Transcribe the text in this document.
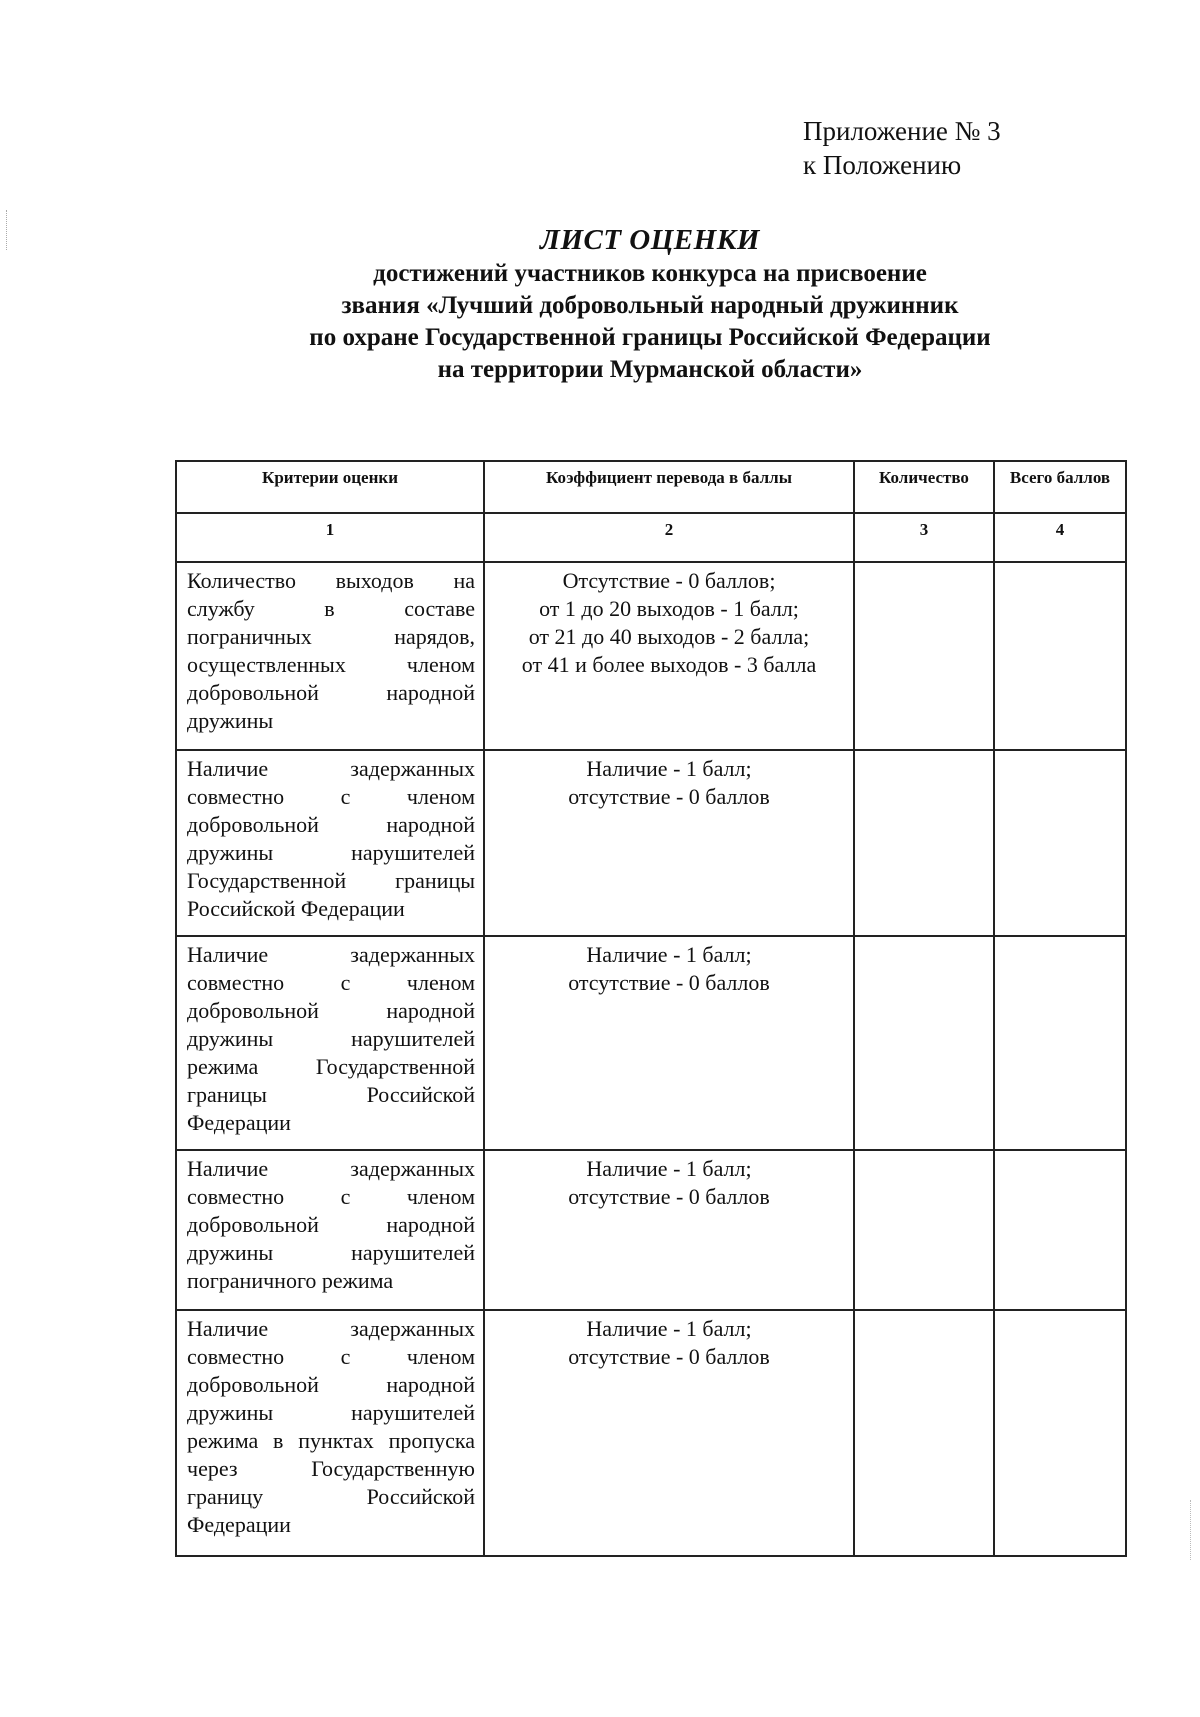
Приложение № 3
к Положению
ЛИСТ ОЦЕНКИ
достижений участников конкурса на присвоение
звания «Лучший добровольный народный дружинник
по охране Государственной границы Российской Федерации
на территории Мурманской области»
Критерии оценки	Коэффициент перевода в баллы	Количество	Всего баллов
1	2	3	4
Количество выходов на службу в составе пограничных нарядов, осуществленных членом добровольной народной дружины	Отсутствие - 0 баллов;
от 1 до 20 выходов - 1 балл;
от 21 до 40 выходов - 2 балла;
от 41 и более выходов - 3 балла		

Наличие задержанных совместно с членом добровольной народной дружины нарушителей Государственной границы Российской Федерации	Наличие - 1 балл;
отсутствие - 0 баллов		

Наличие задержанных совместно с членом добровольной народной дружины нарушителей режима Государственной границы Российской Федерации	Наличие - 1 балл;
отсутствие - 0 баллов		

Наличие задержанных совместно с членом добровольной народной дружины нарушителей пограничного режима	Наличие - 1 балл;
отсутствие - 0 баллов		

Наличие задержанных совместно с членом добровольной народной дружины нарушителей режима в пунктах пропуска через Государственную границу Российской Федерации	Наличие - 1 балл;
отсутствие - 0 баллов		
